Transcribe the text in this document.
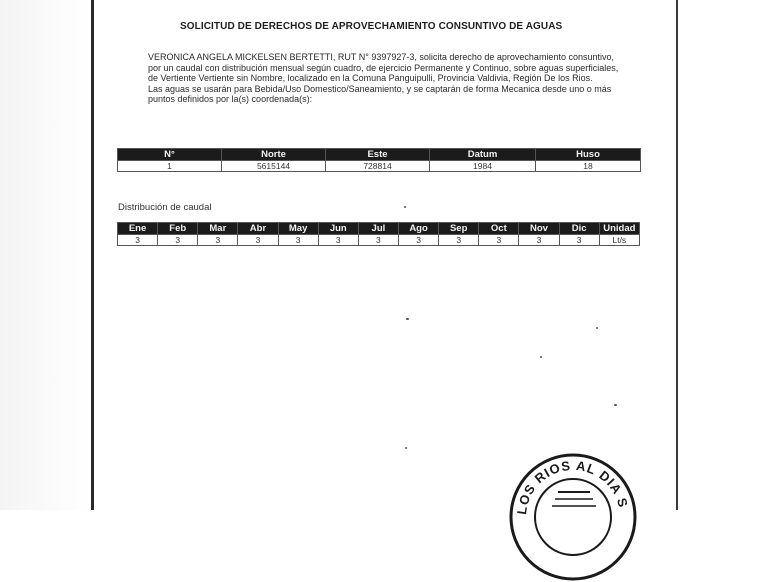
SOLICITUD DE DERECHOS DE APROVECHAMIENTO CONSUNTIVO DE AGUAS

VERONICA ANGELA MICKELSEN BERTETTI, RUT N° 9397927-3, solicita derecho de aprovechamiento consuntivo, por un caudal con distribución mensual según cuadro, de ejercicio Permanente y Continuo, sobre aguas superficiales, de Vertiente Vertiente sin Nombre, localizado en la Comuna Panguipulli, Provincia Valdivia, Región De los Rios.

Las aguas se usarán para Bebida/Uso Domestico/Saneamiento, y se captarán de forma Mecanica desde uno o más puntos definidos por la(s) coordenada(s):

N°	Norte	Este	Datum	Huso
1	5615144	728814	1984	18
Distribución de caudal
Ene	Feb	Mar	Abr	May	Jun	Jul	Ago	Sep	Oct	Nov	Dic	Unidad
3	3	3	3	3	3	3	3	3	3	3	3	Lt/s
LOS RIOS AL DIA S
